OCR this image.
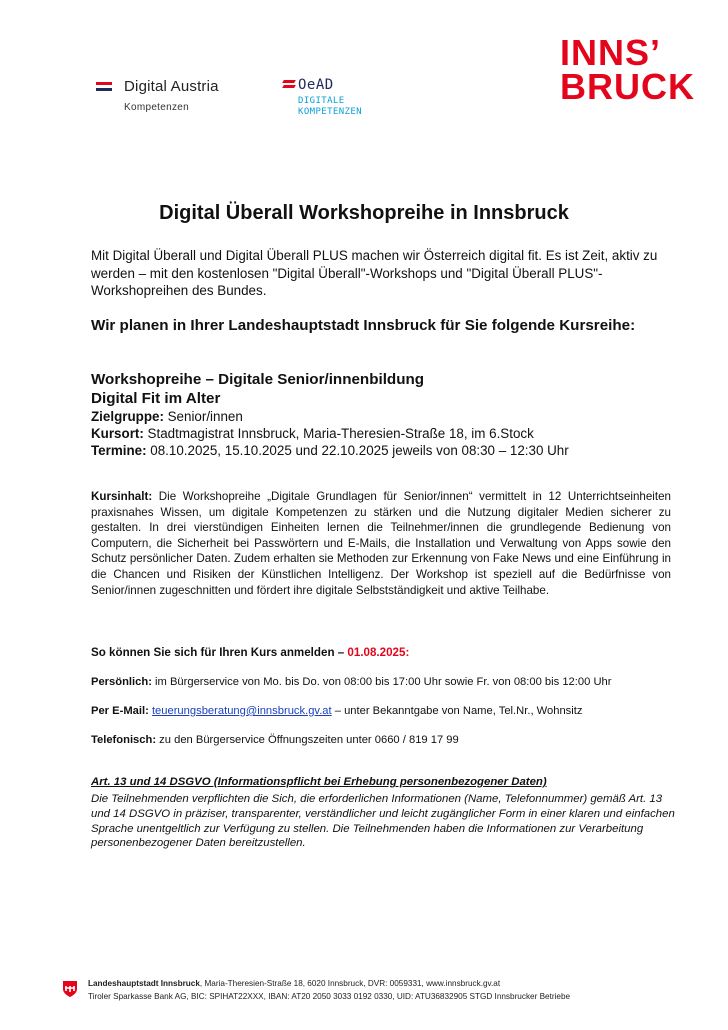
Digital Austria
Kompetenzen
OeAD
DIGITALE
KOMPETENZEN
INNS’
BRUCK
Digital Überall Workshopreihe in Innsbruck
Mit Digital Überall und Digital Überall PLUS machen wir Österreich digital fit. Es ist Zeit, aktiv zu werden – mit den kostenlosen "Digital Überall"-Workshops und "Digital Überall PLUS"-Workshopreihen des Bundes.
Wir planen in Ihrer Landeshauptstadt Innsbruck für Sie folgende Kursreihe:
Workshopreihe – Digitale Senior/innenbildung
Digital Fit im Alter
Zielgruppe: Senior/innen
Kursort: Stadtmagistrat Innsbruck, Maria-Theresien-Straße 18, im 6.Stock
Termine: 08.10.2025, 15.10.2025 und 22.10.2025 jeweils von 08:30 – 12:30 Uhr
Kursinhalt: Die Workshopreihe „Digitale Grundlagen für Senior/innen“ vermittelt in 12 Unterrichtseinheiten praxisnahes Wissen, um digitale Kompetenzen zu stärken und die Nutzung digitaler Medien sicherer zu gestalten. In drei vierstündigen Einheiten lernen die Teilnehmer/innen die grundlegende Bedienung von Computern, die Sicherheit bei Passwörtern und E-Mails, die Installation und Verwaltung von Apps sowie den Schutz persönlicher Daten. Zudem erhalten sie Methoden zur Erkennung von Fake News und eine Einführung in die Chancen und Risiken der Künstlichen Intelligenz. Der Workshop ist speziell auf die Bedürfnisse von Senior/innen zugeschnitten und fördert ihre digitale Selbstständigkeit und aktive Teilhabe.
So können Sie sich für Ihren Kurs anmelden – 01.08.2025:
Persönlich: im Bürgerservice von Mo. bis Do. von 08:00 bis 17:00 Uhr sowie Fr. von 08:00 bis 12:00 Uhr
Per E-Mail: teuerungsberatung@innsbruck.gv.at – unter Bekanntgabe von Name, Tel.Nr., Wohnsitz
Telefonisch: zu den Bürgerservice Öffnungszeiten unter 0660 / 819 17 99
Art. 13 und 14 DSGVO (Informationspflicht bei Erhebung personenbezogener Daten)
Die Teilnehmenden verpflichten die Sich, die erforderlichen Informationen (Name, Telefonnummer) gemäß Art. 13 und 14 DSGVO in präziser, transparenter, verständlicher und leicht zugänglicher Form in einer klaren und einfachen Sprache unentgeltlich zur Verfügung zu stellen. Die Teilnehmenden haben die Informationen zur Verarbeitung personenbezogener Daten bereitzustellen.
Landeshauptstadt Innsbruck, Maria-Theresien-Straße 18, 6020 Innsbruck, DVR: 0059331, www.innsbruck.gv.at
Tiroler Sparkasse Bank AG, BIC: SPIHAT22XXX, IBAN: AT20 2050 3033 0192 0330, UID: ATU36832905 STGD Innsbrucker Betriebe
